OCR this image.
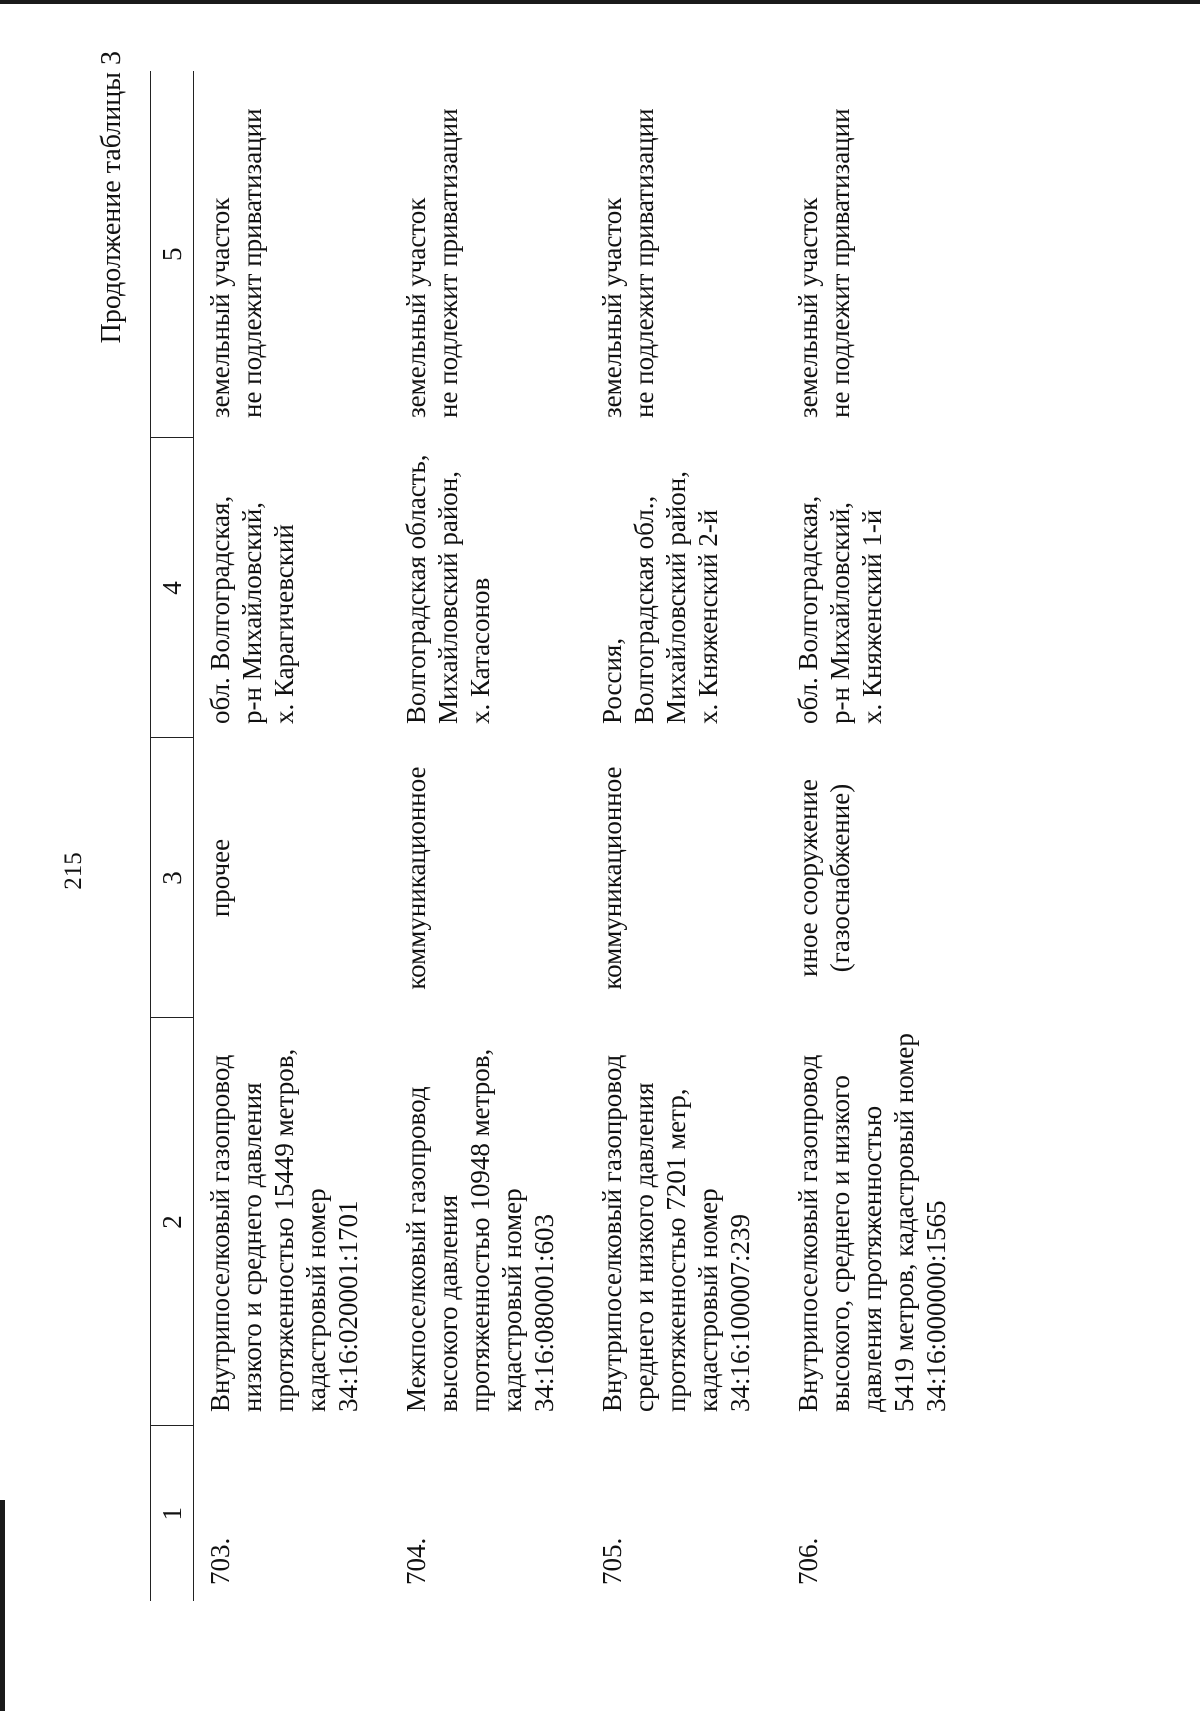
215
Продолжение таблицы 3
1	2	3	4	5
703.	Внутрипоселковый газопровод низкого и среднего давления протяженностью 15449 метров, кадастровый номер 34:16:020001:1701	прочее	обл. Волгоградская, р-н Михайловский, х. Карагичевский	земельный участок не подлежит приватизации

704.	Межпоселковый газопровод высокого давления протяженностью 10948 метров, кадастровый номер 34:16:080001:603	коммуникационное	Волгоградская область, Михайловский район, х. Катасонов	земельный участок не подлежит приватизации

705.	Внутрипоселковый газопровод среднего и низкого давления протяженностью 7201 метр, кадастровый номер 34:16:100007:239	коммуникационное	Россия, Волгоградская обл., Михайловский район, х. Княженский 2-й	земельный участок не подлежит приватизации

706.	Внутрипоселковый газопровод высокого, среднего и низкого давления протяженностью 5419 метров, кадастровый номер 34:16:000000:1565	иное сооружение (газоснабжение)	обл. Волгоградская, р-н Михайловский, х. Княженский 1-й	земельный участок не подлежит приватизации
